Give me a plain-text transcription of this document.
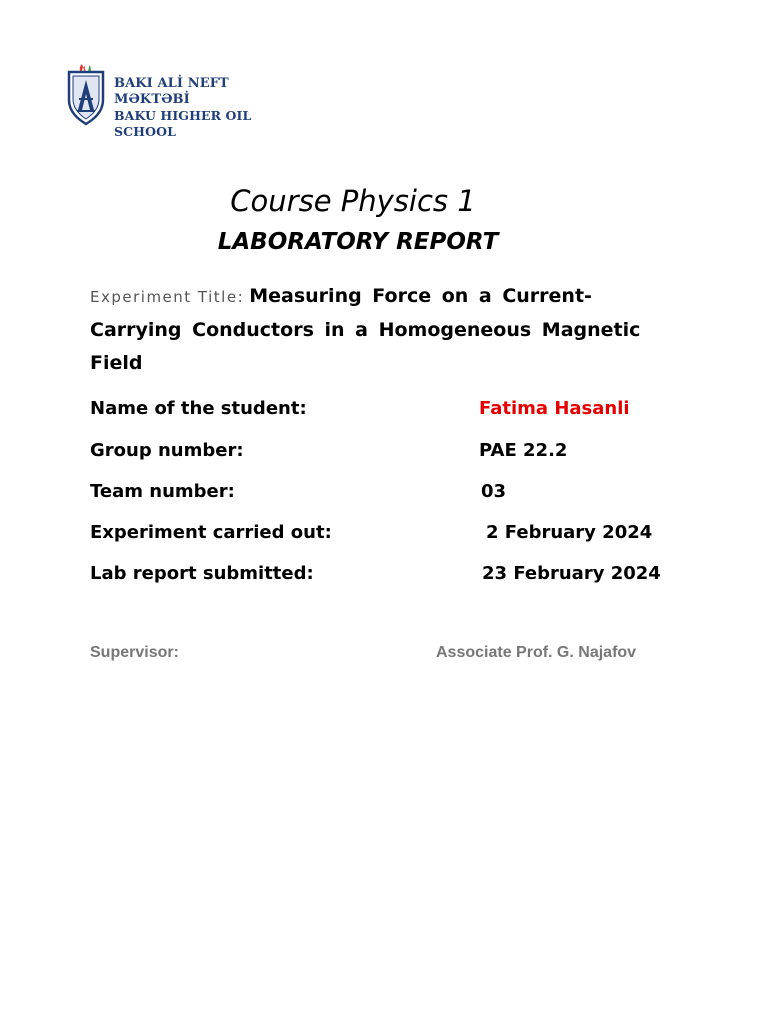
BAKI ALİ NEFT MƏKTƏBİ
BAKU HIGHER OIL SCHOOL
Course Physics 1
LABORATORY REPORT
Experiment Title: Measuring Force on a Current-Carrying Conductors in a Homogeneous Magnetic Field
Name of the student:	Fatima Hasanli
Group number:	PAE 22.2
Team number:	03
Experiment carried out:	2 February 2024
Lab report submitted:	23 February 2024
Supervisor:	Associate Prof. G. Najafov
